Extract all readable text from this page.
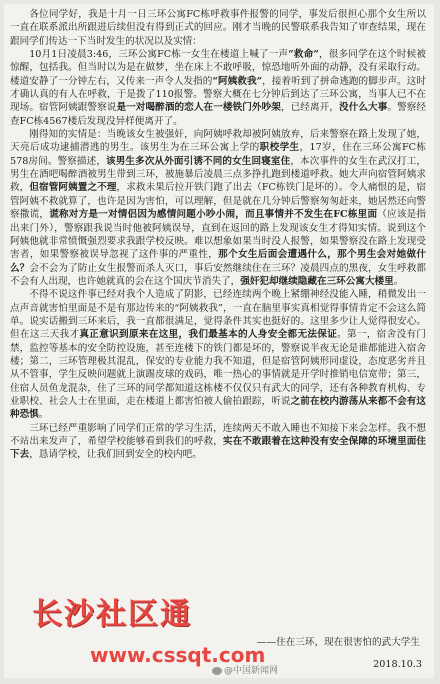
各位同学好，我是十月一日三环公寓FC栋呼救事件报警的同学，事发后很担心那个女生所以一直在联系派出所跟进后续但没有得到正式的回应。刚才当晚的民警联系我告知了审查结果，现在跟同学们传达一下当时发生的状况以及实情：

10月1日凌晨3:46，三环公寓FC栋一女生在楼道上喊了一声“救命”，很多同学在这个时候被惊醒，包括我。但当时以为是在做梦，坐在床上不敢呼吸，惊恐地听外面的动静，没有采取行动。楼道安静了一分钟左右，又传来一声令人发指的“阿姨救我”，接着听到了拼命逃跑的脚步声。这时才确认真的有人在呼救，于是拨了110报警。警察大概在七分钟后到达了三环公寓，当事人已不在现场。宿管阿姨跟警察说是一对喝醉酒的恋人在一楼铁门外吵架，已经离开，没什么大事。警察经查FC栋4567楼后发现没异样便离开了。

刚得知的实情是：当晚该女生被强奸，向阿姨呼救却被阿姨放弃，后来警察在路上发现了她，天亮后成功逮捕潜逃的男生。该男生为在三环公寓上学的职校学生，17岁，住在三环公寓FC栋578房间。警察描述，该男生多次从外面引诱不同的女生回寝室住，本次事件的女生在武汉打工，男生在酒吧喝醉酒被男生带到三环，被施暴后凌晨三点多挣扎跑到楼道呼救。她大声向宿管阿姨求救，但宿管阿姨置之不理，求救未果后拉开铁门跑了出去（FC栋铁门是坏的）。令人痛恨的是，宿管阿姨不救就算了，也许是因为害怕，可以理解，但是就在几分钟后警察匆匆赶来，她居然还向警察撒谎，谎称对方是一对情侣因为感情问题小吵小闹，而且事情并不发生在FC栋里面（应该是指出来门外），警察跟我说当时他被阿姨误导，直到在返回的路上发现该女生才得知实情。说到这个阿姨他就非常愤慨强烈要求我跟学校反映。难以想象如果当时没人报警，如果警察没在路上发现受害者，如果警察被误导忽视了这件事的严重性，那个女生后面会遭遇什么，那个男生会对她做什么？会不会为了防止女生报警而杀人灭口，事后安然继续住在三环？凌晨四点的黑夜，女生呼救都不会有人出现，也许她就真的会在这个国庆节消失了，强奸犯却继续隐藏在三环公寓大楼里。

不得不说这件事已经对我个人造成了阴影，已经连续两个晚上紧绷神经没能入睡，稍微发出一点声音就害怕里面是不是有那边传来的“阿姨救我”，一直在脑里事实真相觉得事情肯定不会这么简单。说实话搬到三环来后，我一直都很满足，觉得条件其实也挺好的。这里多少让人觉得很安心。但在这三天我才真正意识到原来在这里，我们最基本的人身安全都无法保证。第一，宿舍没有门禁，监控等基本的安全防控设施，甚至连楼下的铁门都是坏的，警察说半夜无论是谁都能进入宿舍楼；第二，三环管理极其混乱，保安的专业能力我不知道，但是宿管阿姨形同虚设，态度恶劣并且从不管事，学生反映问题就上演踢皮球的戏码，唯一热心的事情就是开学时推销电信宽带；第三，住宿人员鱼龙混杂，住了三环的同学都知道这栋楼不仅仅只有武大的同学，还有各种教育机构、专业职校、社会人士在里面，走在楼道上都害怕被人偷拍跟踪，听说之前在校内游荡从来都不会有这种恐惧。

三环已经严重影响了同学们正常的学习生活，连续两天不敢入睡也不知接下来会怎样。我不想不站出来发声了，希望学校能够看到我们的呼救，实在不敢跟着在这种没有安全保障的环境里面住下去，恳请学校，让我们回到安全的校内吧。

长沙社区通
www.cssqt.com
@中国新闻网
——住在三环，现在很害怕的武大学生
2018.10.3
